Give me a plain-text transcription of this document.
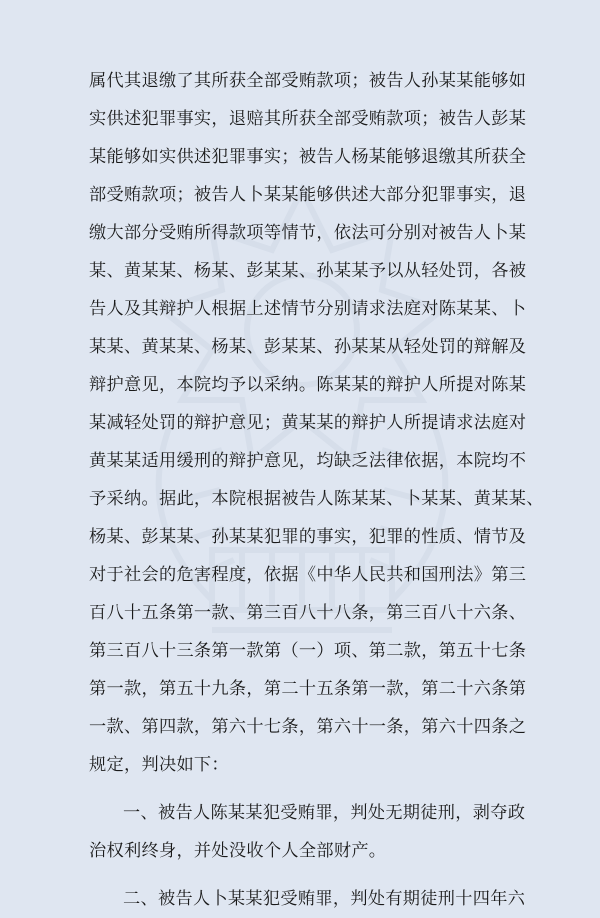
属代其退缴了其所获全部受贿款项；被告人孙某某能够如
实供述犯罪事实，退赔其所获全部受贿款项；被告人彭某
某能够如实供述犯罪事实；被告人杨某能够退缴其所获全
部受贿款项；被告人卜某某能够供述大部分犯罪事实，退
缴大部分受贿所得款项等情节，依法可分别对被告人卜某
某、黄某某、杨某、彭某某、孙某某予以从轻处罚，各被
告人及其辩护人根据上述情节分别请求法庭对陈某某、卜
某某、黄某某、杨某、彭某某、孙某某从轻处罚的辩解及
辩护意见，本院均予以采纳。陈某某的辩护人所提对陈某
某减轻处罚的辩护意见；黄某某的辩护人所提请求法庭对
黄某某适用缓刑的辩护意见，均缺乏法律依据，本院均不
予采纳。据此，本院根据被告人陈某某、卜某某、黄某某、
杨某、彭某某、孙某某犯罪的事实，犯罪的性质、情节及
对于社会的危害程度，依据《中华人民共和国刑法》第三
百八十五条第一款、第三百八十八条，第三百八十六条、
第三百八十三条第一款第（一）项、第二款，第五十七条
第一款，第五十九条，第二十五条第一款，第二十六条第
一款、第四款，第六十七条，第六十一条，第六十四条之
规定，判决如下：
一、被告人陈某某犯受贿罪，判处无期徒刑，剥夺政
治权利终身，并处没收个人全部财产。
二、被告人卜某某犯受贿罪，判处有期徒刑十四年六
